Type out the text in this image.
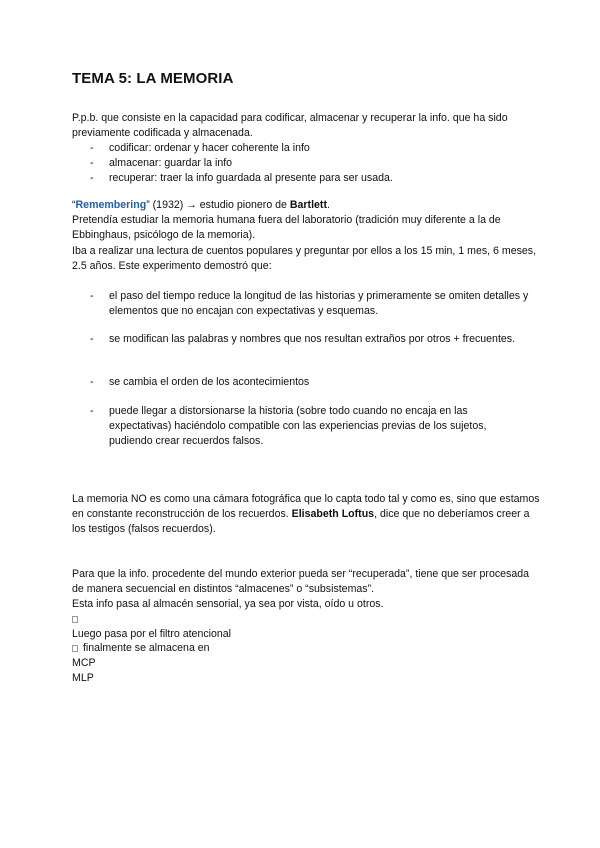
TEMA 5: LA MEMORIA
P.p.b. que consiste en la capacidad para codificar, almacenar y recuperar la info. que ha sido previamente codificada y almacenada.
- codificar: ordenar y hacer coherente la info
- almacenar: guardar la info
- recuperar: traer la info guardada al presente para ser usada.
“Remembering” (1932) → estudio pionero de Bartlett.
Pretendía estudiar la memoria humana fuera del laboratorio (tradición muy diferente a la de Ebbinghaus, psicólogo de la memoria).
Iba a realizar una lectura de cuentos populares y preguntar por ellos a los 15 min, 1 mes, 6 meses, 2.5 años. Este experimento demostró que:
- el paso del tiempo reduce la longitud de las historias y primeramente se omiten detalles y elementos que no encajan con expectativas y esquemas.
- se modifican las palabras y nombres que nos resultan extraños por otros + frecuentes.
- se cambia el orden de los acontecimientos
- puede llegar a distorsionarse la historia (sobre todo cuando no encaja en las expectativas) haciéndolo compatible con las experiencias previas de los sujetos, pudiendo crear recuerdos falsos.
La memoria NO es como una cámara fotográfica que lo capta todo tal y como es, sino que estamos en constante reconstrucción de los recuerdos. Elisabeth Loftus, dice que no deberíamos creer a los testigos (falsos recuerdos).
Para que la info. procedente del mundo exterior pueda ser “recuperada”, tiene que ser procesada de manera secuencial en distintos “almacenes” o “subsistemas”.
Esta info pasa al almacén sensorial, ya sea por vista, oído u otros.
Luego pasa por el filtro atencional
finalmente se almacena en
MCP
MLP
